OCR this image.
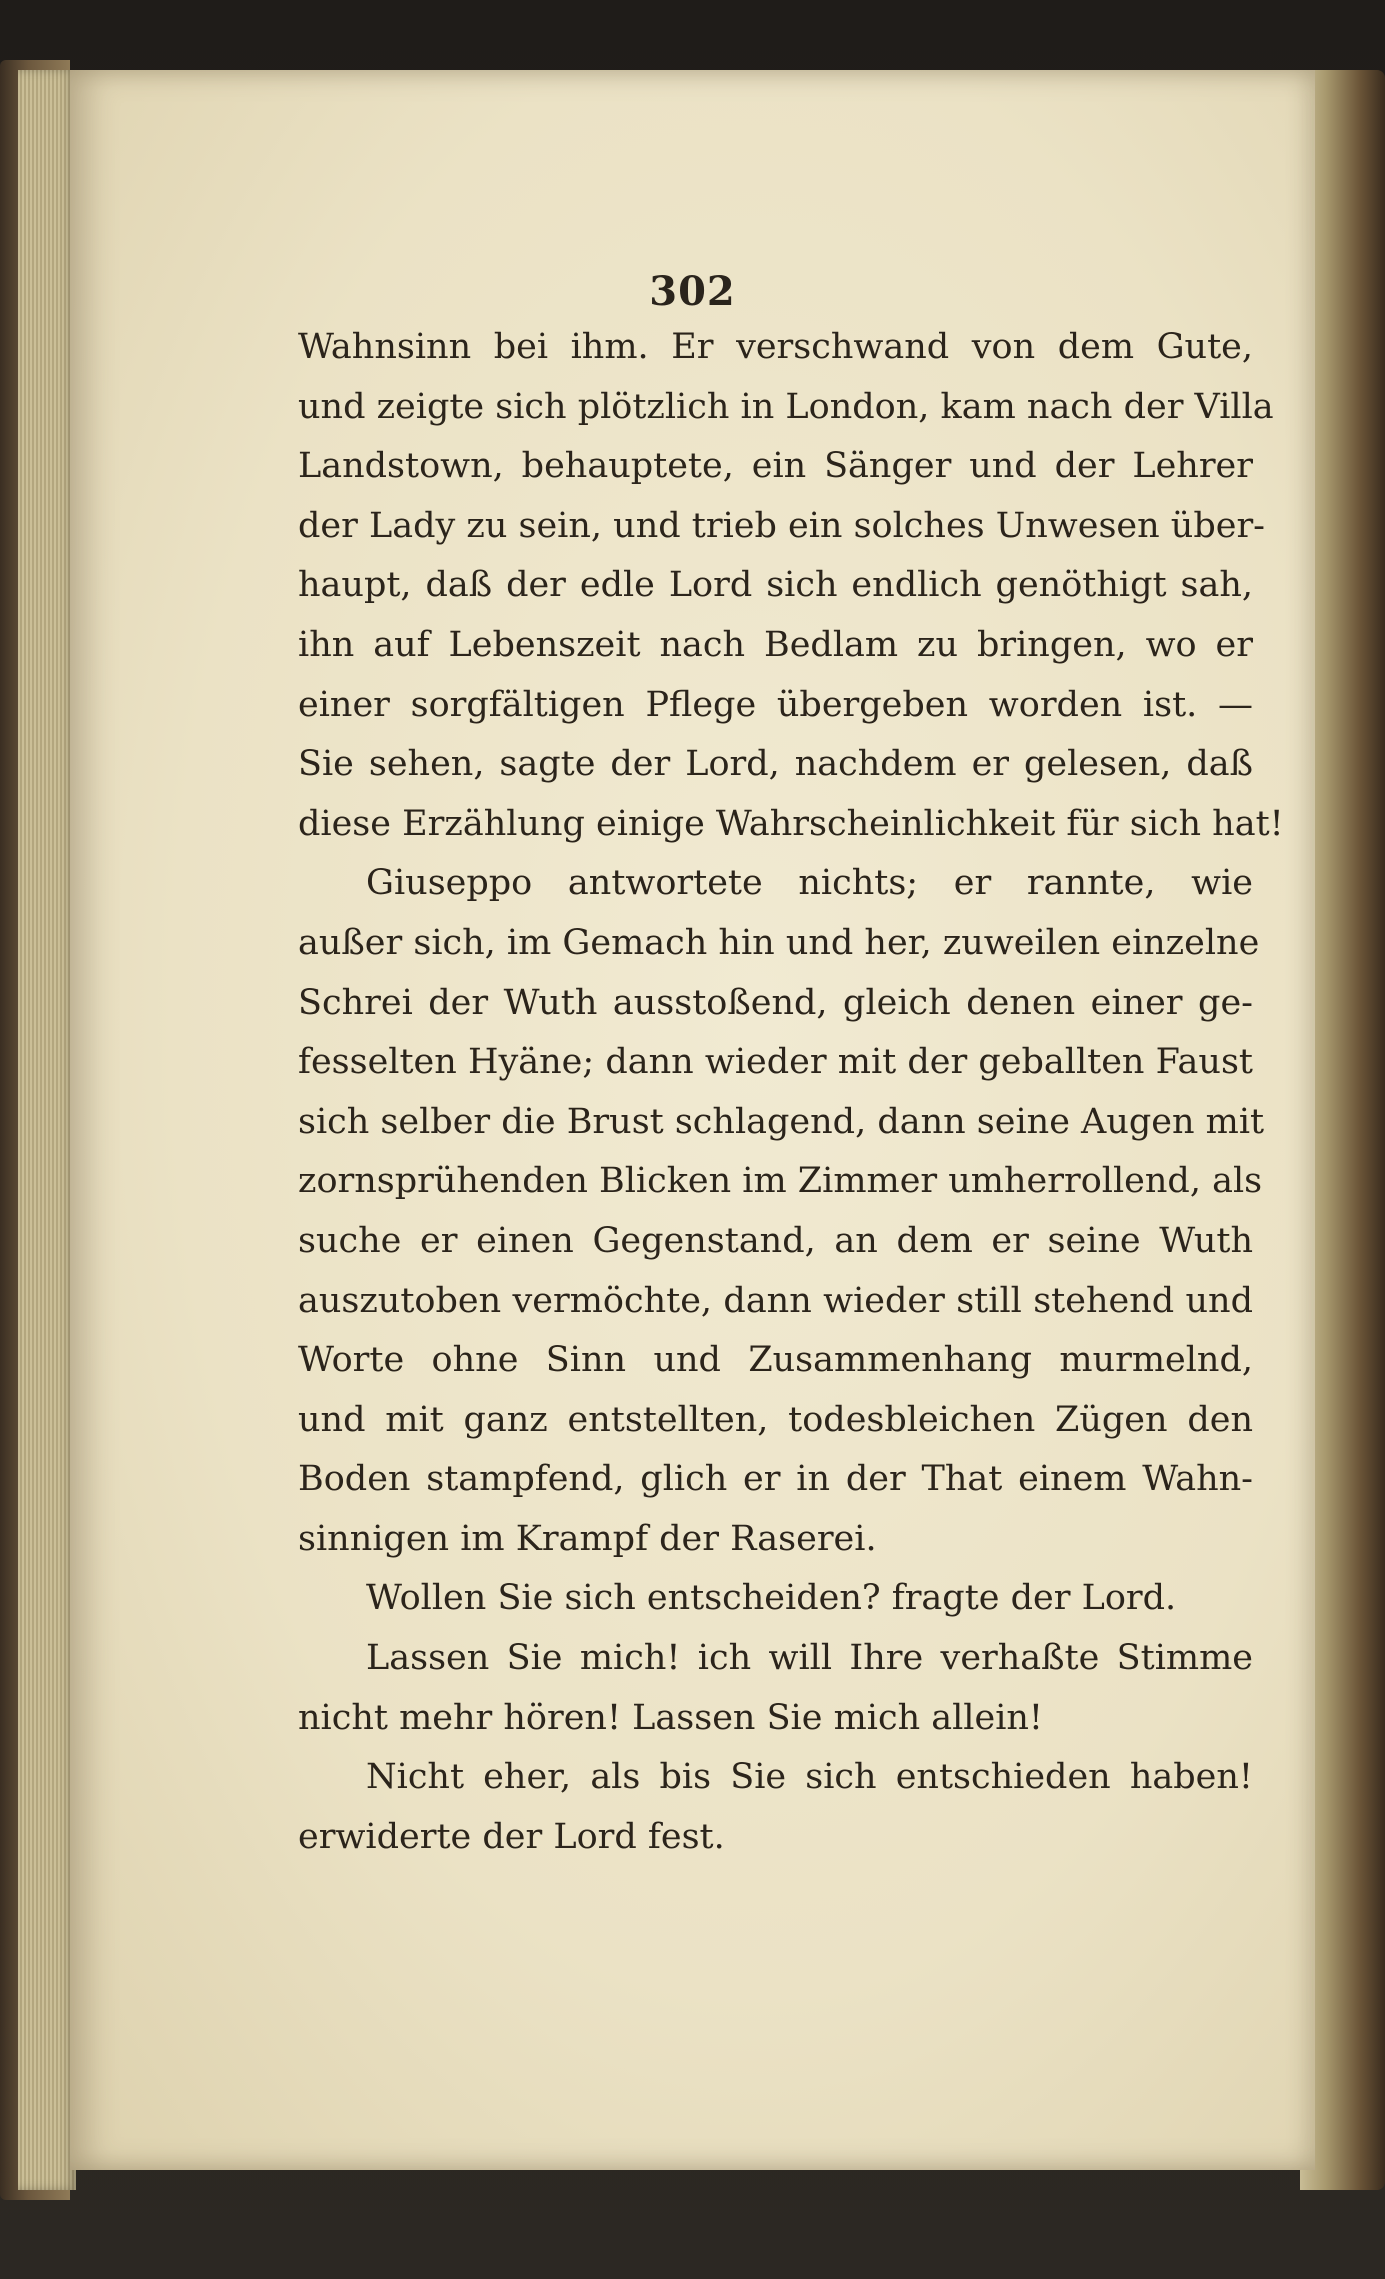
302
Wahnsinn bei ihm. Er verschwand von dem Gute,
und zeigte sich plötzlich in London, kam nach der Villa
Landstown, behauptete, ein Sänger und der Lehrer
der Lady zu sein, und trieb ein solches Unwesen über-
haupt, daß der edle Lord sich endlich genöthigt sah,
ihn auf Lebenszeit nach Bedlam zu bringen, wo er
einer sorgfältigen Pflege übergeben worden ist. —
Sie sehen, sagte der Lord, nachdem er gelesen, daß
diese Erzählung einige Wahrscheinlichkeit für sich hat!
Giuseppo antwortete nichts; er rannte, wie
außer sich, im Gemach hin und her, zuweilen einzelne
Schrei der Wuth ausstoßend, gleich denen einer ge-
fesselten Hyäne; dann wieder mit der geballten Faust
sich selber die Brust schlagend, dann seine Augen mit
zornsprühenden Blicken im Zimmer umherrollend, als
suche er einen Gegenstand, an dem er seine Wuth
auszutoben vermöchte, dann wieder still stehend und
Worte ohne Sinn und Zusammenhang murmelnd,
und mit ganz entstellten, todesbleichen Zügen den
Boden stampfend, glich er in der That einem Wahn-
sinnigen im Krampf der Raserei.
Wollen Sie sich entscheiden? fragte der Lord.
Lassen Sie mich! ich will Ihre verhaßte Stimme
nicht mehr hören! Lassen Sie mich allein!
Nicht eher, als bis Sie sich entschieden haben!
erwiderte der Lord fest.
